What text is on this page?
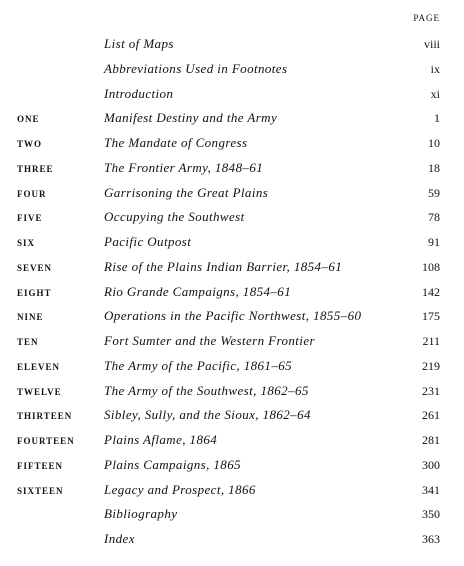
PAGE
List of Maps	viii
Abbreviations Used in Footnotes	ix
Introduction	xi
ONE	Manifest Destiny and the Army	1
TWO	The Mandate of Congress	10
THREE	The Frontier Army, 1848–61	18
FOUR	Garrisoning the Great Plains	59
FIVE	Occupying the Southwest	78
SIX	Pacific Outpost	91
SEVEN	Rise of the Plains Indian Barrier, 1854–61	108
EIGHT	Rio Grande Campaigns, 1854–61	142
NINE	Operations in the Pacific Northwest, 1855–60	175
TEN	Fort Sumter and the Western Frontier	211
ELEVEN	The Army of the Pacific, 1861–65	219
TWELVE	The Army of the Southwest, 1862–65	231
THIRTEEN Sibley, Sully, and the Sioux, 1862–64	261
FOURTEEN Plains Aflame, 1864	281
FIFTEEN	Plains Campaigns, 1865	300
SIXTEEN	Legacy and Prospect, 1866	341
Bibliography	350
Index	363
